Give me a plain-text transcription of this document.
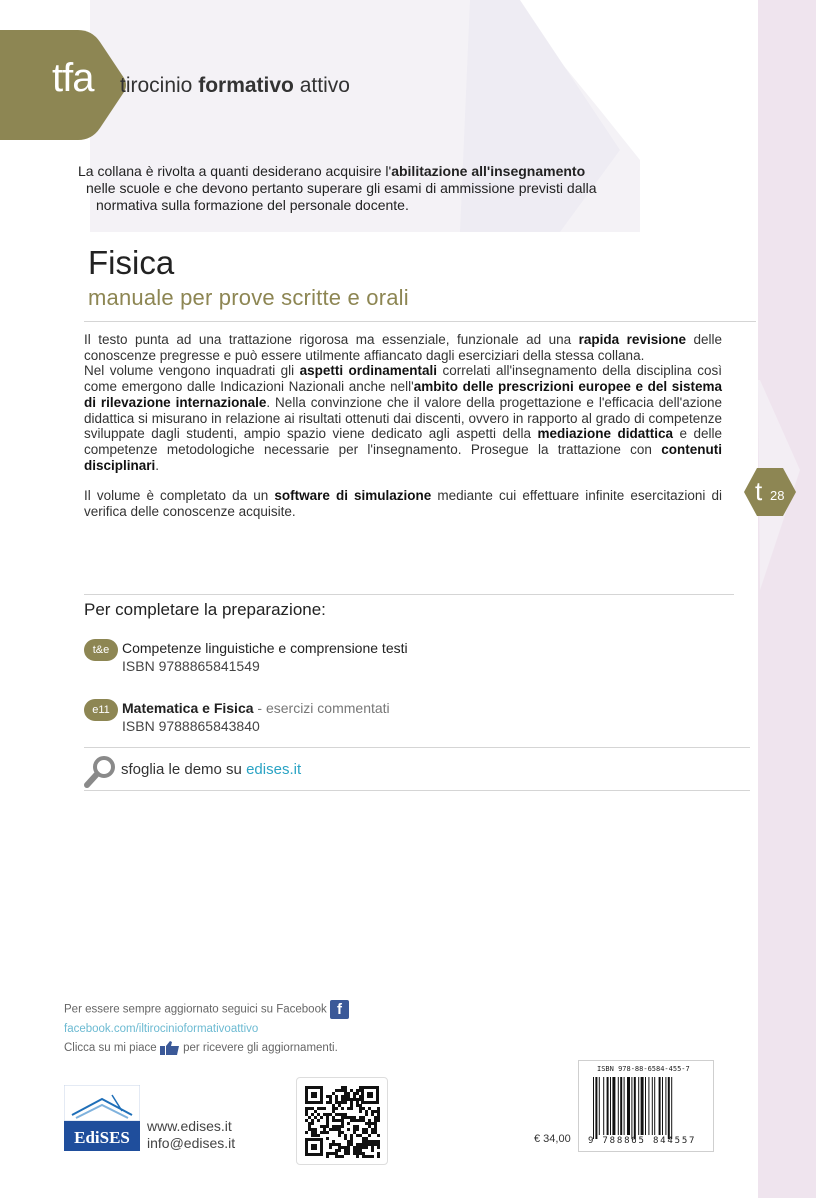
tfa tirocinio formativo attivo
La collana è rivolta a quanti desiderano acquisire l'abilitazione all'insegnamento
nelle scuole e che devono pertanto superare gli esami di ammissione previsti dalla
normativa sulla formazione del personale docente.
Fisica
manuale per prove scritte e orali

Il testo punta ad una trattazione rigorosa ma essenziale, funzionale ad una rapida revisione delle conoscenze pregresse e può essere utilmente affiancato dagli eserciziari della stessa collana.

Nel volume vengono inquadrati gli aspetti ordinamentali correlati all'insegnamento della disciplina così come emergono dalle Indicazioni Nazionali anche nell'ambito delle prescrizioni europee e del sistema di rilevazione internazionale. Nella convinzione che il valore della progettazione e l'efficacia dell'azione didattica si misurano in relazione ai risultati ottenuti dai discenti, ovvero in rapporto al grado di competenze sviluppate dagli studenti, ampio spazio viene dedicato agli aspetti della mediazione didattica e delle competenze metodologiche necessarie per l'insegnamento. Prosegue la trattazione con contenuti disciplinari.

Il volume è completato da un software di simulazione mediante cui effettuare infinite esercitazioni di verifica delle conoscenze acquisite.

t 28
Per completare la preparazione:
t&e Competenze linguistiche e comprensione testi
ISBN 9788865841549
e11 Matematica e Fisica - esercizi commentati
ISBN 9788865843840
sfoglia le demo su edises.it
Per essere sempre aggiornato seguici su Facebook f
facebook.com/iltirocinioformativoattivo
Clicca su mi piace  per ricevere gli aggiornamenti.
EdiSES
www.edises.it
info@edises.it	€ 34,00
ISBN 978-88-6584-455-7
9 788865 844557
